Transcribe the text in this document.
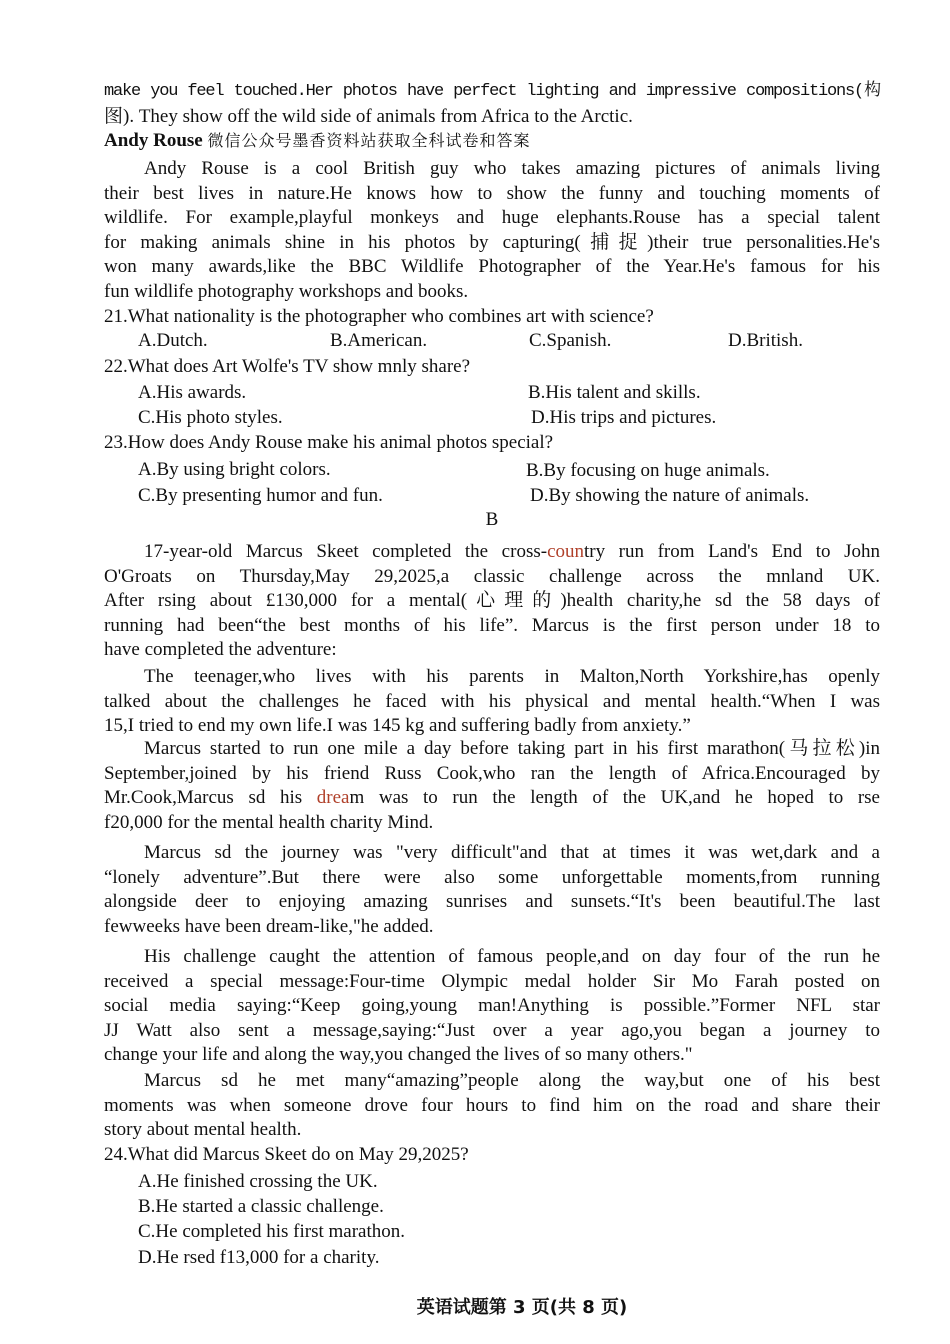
make you feel touched.Her photos have perfect lighting and impressive compositions(构
图). They show off the wild side of animals from Africa to the Arctic.
Andy Rouse 微信公众号墨香资料站获取全科试卷和答案
Andy Rouse is a cool British guy who takes amazing pictures of animals living
their best lives in nature.He knows how to show the funny and touching moments of
wildlife. For example,playful monkeys and huge elephants.Rouse has a special talent
for making animals shine in his photos by capturing(捕捉)their true personalities.He's
won many awards,like the BBC Wildlife Photographer of the Year.He's famous for his
fun wildlife photography workshops and books.
21.What nationality is the photographer who combines art with science?
A.Dutch.	B.American.	C.Spanish.	D.British.
22.What does Art Wolfe's TV show mnly share?
A.His awards.	B.His talent and skills.
C.His photo styles.	D.His trips and pictures.
23.How does Andy Rouse make his animal photos special?
A.By using bright colors.	B.By focusing on huge animals.
C.By presenting humor and fun.	D.By showing the nature of animals.
B
17-year-old Marcus Skeet completed the cross-country run from Land's End to John
O'Groats on Thursday,May 29,2025,a classic challenge across the mnland UK.
After rsing about £130,000 for a mental(心理的)health charity,he sd the 58 days of
running had been“the best months of his life”. Marcus is the first person under 18 to
have completed the adventure:
The teenager,who lives with his parents in Malton,North Yorkshire,has openly
talked about the challenges he faced with his physical and mental health.“When I was
15,I tried to end my own life.I was 145 kg and suffering badly from anxiety.”
Marcus started to run one mile a day before taking part in his first marathon(马拉松)in
September,joined by his friend Russ Cook,who ran the length of Africa.Encouraged by
Mr.Cook,Marcus sd his dream was to run the length of the UK,and he hoped to rse
f20,000 for the mental health charity Mind.
Marcus sd the journey was "very difficult"and that at times it was wet,dark and a
“lonely adventure”.But there were also some unforgettable moments,from running
alongside deer to enjoying amazing sunrises and sunsets.“It's been beautiful.The last
fewweeks have been dream-like,"he added.
His challenge caught the attention of famous people,and on day four of the run he
received a special message:Four-time Olympic medal holder Sir Mo Farah posted on
social media saying:“Keep going,young man!Anything is possible.”Former NFL star
JJ Watt also sent a message,saying:“Just over a year ago,you began a journey to
change your life and along the way,you changed the lives of so many others."
Marcus sd he met many“amazing”people along the way,but one of his best
moments was when someone drove four hours to find him on the road and share their
story about mental health.
24.What did Marcus Skeet do on May 29,2025?
A.He finished crossing the UK.
B.He started a classic challenge.
C.He completed his first marathon.
D.He rsed f13,000 for a charity.
英语试题第 3 页(共 8 页)
